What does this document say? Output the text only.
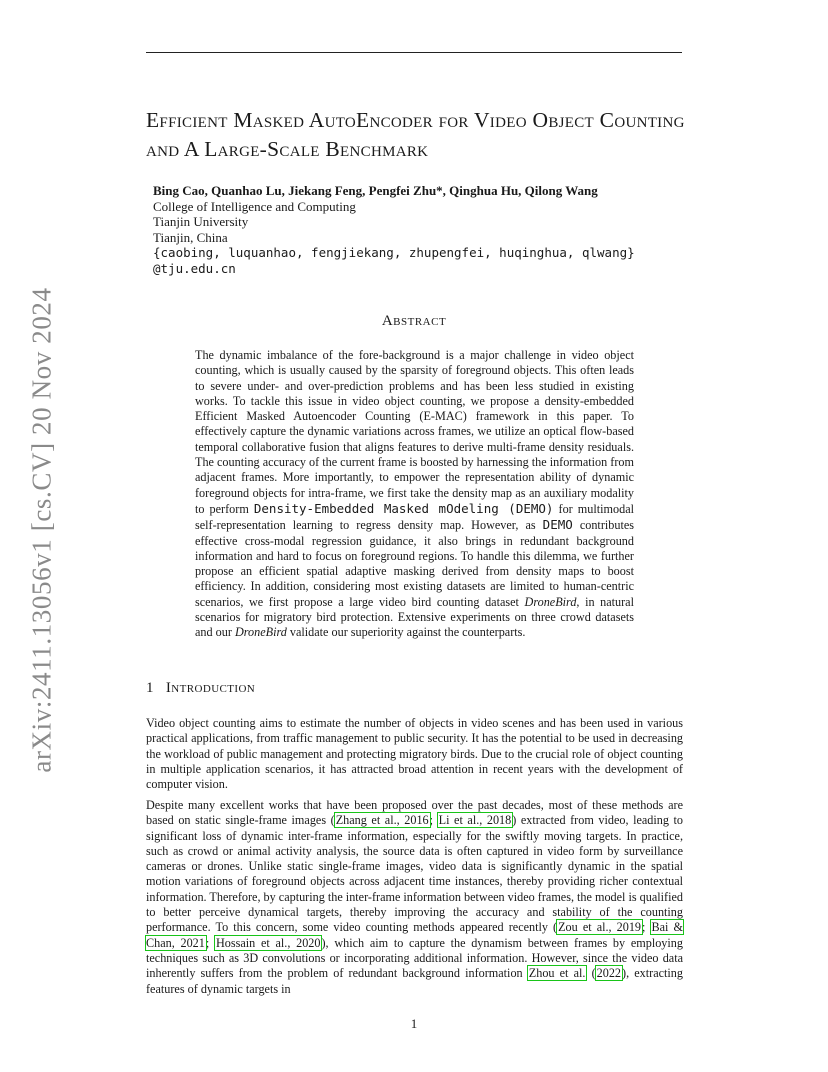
arXiv:2411.13056v1 [cs.CV] 20 Nov 2024
Efficient Masked AutoEncoder for Video Object Counting and A Large-Scale Benchmark
Bing Cao, Quanhao Lu, Jiekang Feng, Pengfei Zhu*, Qinghua Hu, Qilong Wang
College of Intelligence and Computing
Tianjin University
Tianjin, China
{caobing, luquanhao, fengjiekang, zhupengfei, huqinghua, qlwang}
@tju.edu.cn
Abstract

The dynamic imbalance of the fore-background is a major challenge in video object counting, which is usually caused by the sparsity of foreground objects. This often leads to severe under- and over-prediction problems and has been less studied in existing works. To tackle this issue in video object counting, we propose a density-embedded Efficient Masked Autoencoder Counting (E-MAC) framework in this paper. To effectively capture the dynamic variations across frames, we utilize an optical flow-based temporal collaborative fusion that aligns features to derive multi-frame density residuals. The counting accuracy of the current frame is boosted by harnessing the information from adjacent frames. More importantly, to empower the representation ability of dynamic foreground objects for intra-frame, we first take the density map as an auxiliary modality to perform Density-Embedded Masked mOdeling (DEMO) for multimodal self-representation learning to regress density map. However, as DEMO contributes effective cross-modal regression guidance, it also brings in redundant background information and hard to focus on foreground regions. To handle this dilemma, we further propose an efficient spatial adaptive masking derived from density maps to boost efficiency. In addition, considering most existing datasets are limited to human-centric scenarios, we first propose a large video bird counting dataset DroneBird, in natural scenarios for migratory bird protection. Extensive experiments on three crowd datasets and our DroneBird validate our superiority against the counterparts.

1 Introduction

Video object counting aims to estimate the number of objects in video scenes and has been used in various practical applications, from traffic management to public security. It has the potential to be used in decreasing the workload of public management and protecting migratory birds. Due to the crucial role of object counting in multiple application scenarios, it has attracted broad attention in recent years with the development of computer vision.

Despite many excellent works that have been proposed over the past decades, most of these methods are based on static single-frame images (Zhang et al., 2016; Li et al., 2018) extracted from video, leading to significant loss of dynamic inter-frame information, especially for the swiftly moving targets. In practice, such as crowd or animal activity analysis, the source data is often captured in video form by surveillance cameras or drones. Unlike static single-frame images, video data is significantly dynamic in the spatial motion variations of foreground objects across adjacent time instances, thereby providing richer contextual information. Therefore, by capturing the inter-frame information between video frames, the model is qualified to better perceive dynamical targets, thereby improving the accuracy and stability of the counting performance. To this concern, some video counting methods appeared recently (Zou et al., 2019; Bai & Chan, 2021; Hossain et al., 2020), which aim to capture the dynamism between frames by employing techniques such as 3D convolutions or incorporating additional information. However, since the video data inherently suffers from the problem of redundant background information Zhou et al. (2022), extracting features of dynamic targets in

1
